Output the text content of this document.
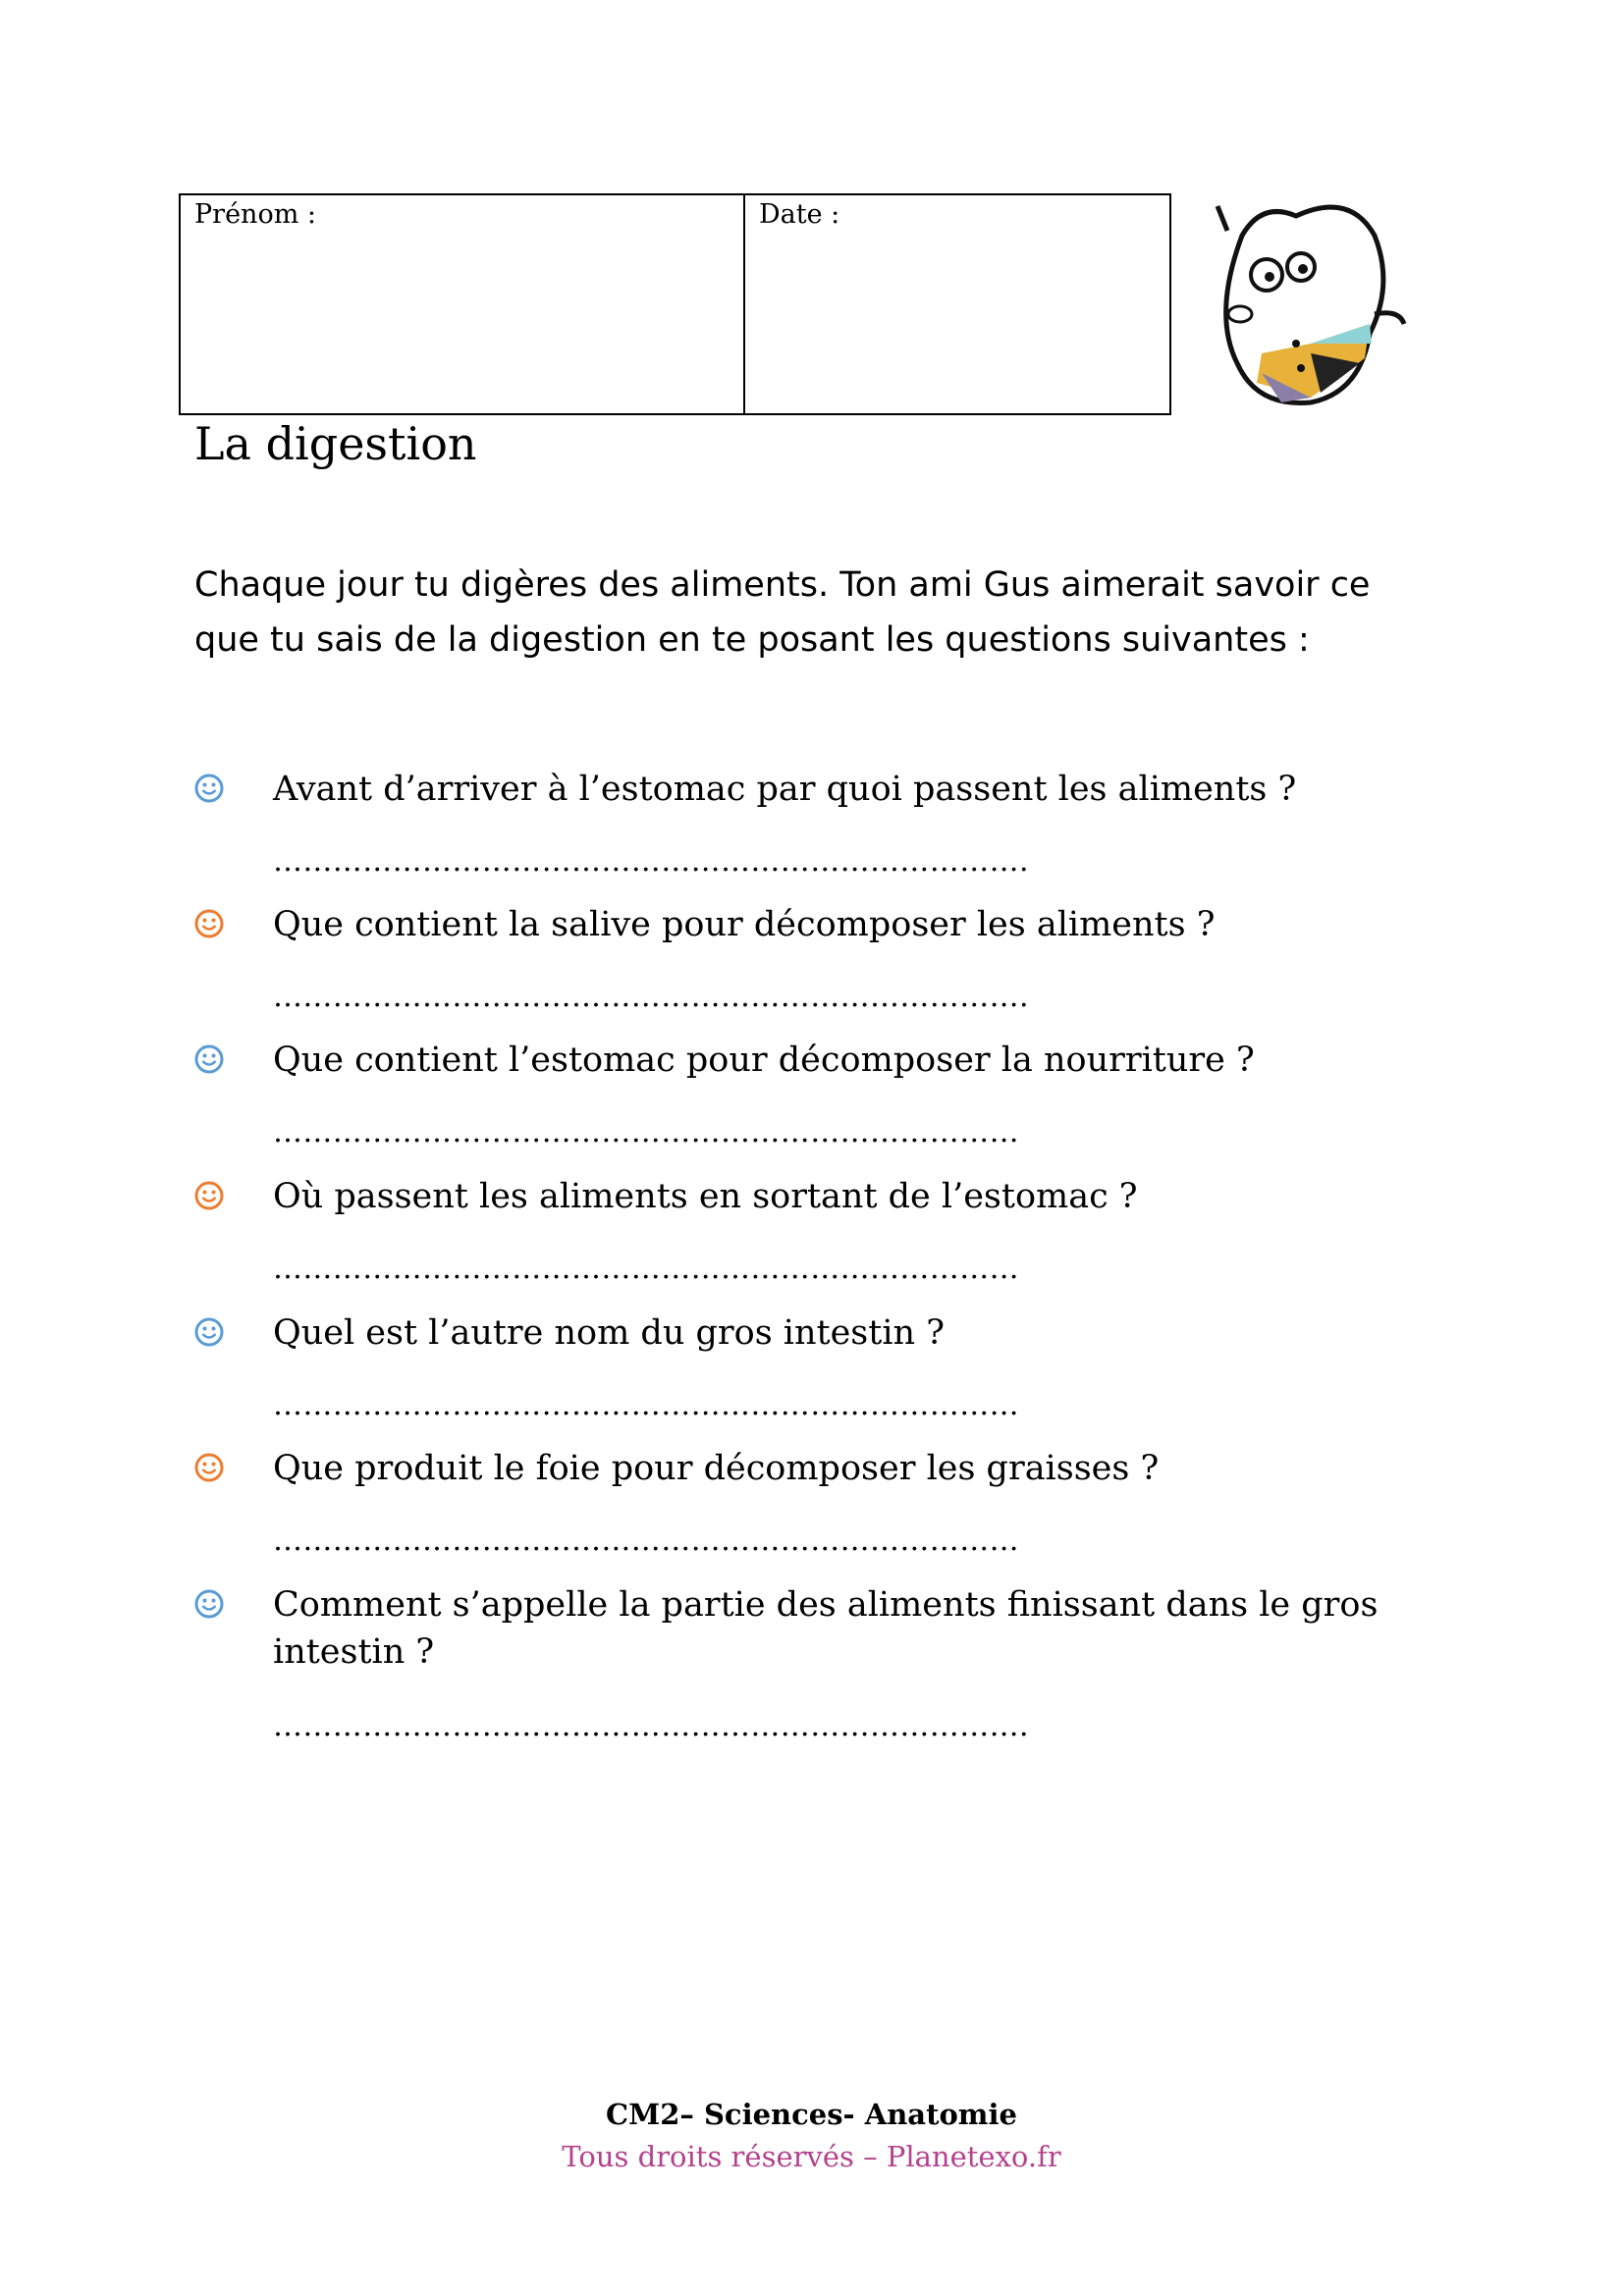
Prénom :	Date :
La digestion

Chaque jour tu digères des aliments. Ton ami Gus aimerait savoir ce que tu sais de la digestion en te posant les questions suivantes :

Avant d’arriver à l’estomac par quoi passent les aliments ?
………………………………………………………………….
Que contient la salive pour décomposer les aliments ?
………………………………………………………………….
Que contient l’estomac pour décomposer la nourriture ?
…………………………………………………………………
Où passent les aliments en sortant de l’estomac ?
…………………………………………………………………
Quel est l’autre nom du gros intestin ?
…………………………………………………………………
Que produit le foie pour décomposer les graisses ?
…………………………………………………………………
Comment s’appelle la partie des aliments finissant dans le gros intestin ?
………………………………………………………………….
CM2– Sciences- Anatomie
Tous droits réservés – Planetexo.fr
